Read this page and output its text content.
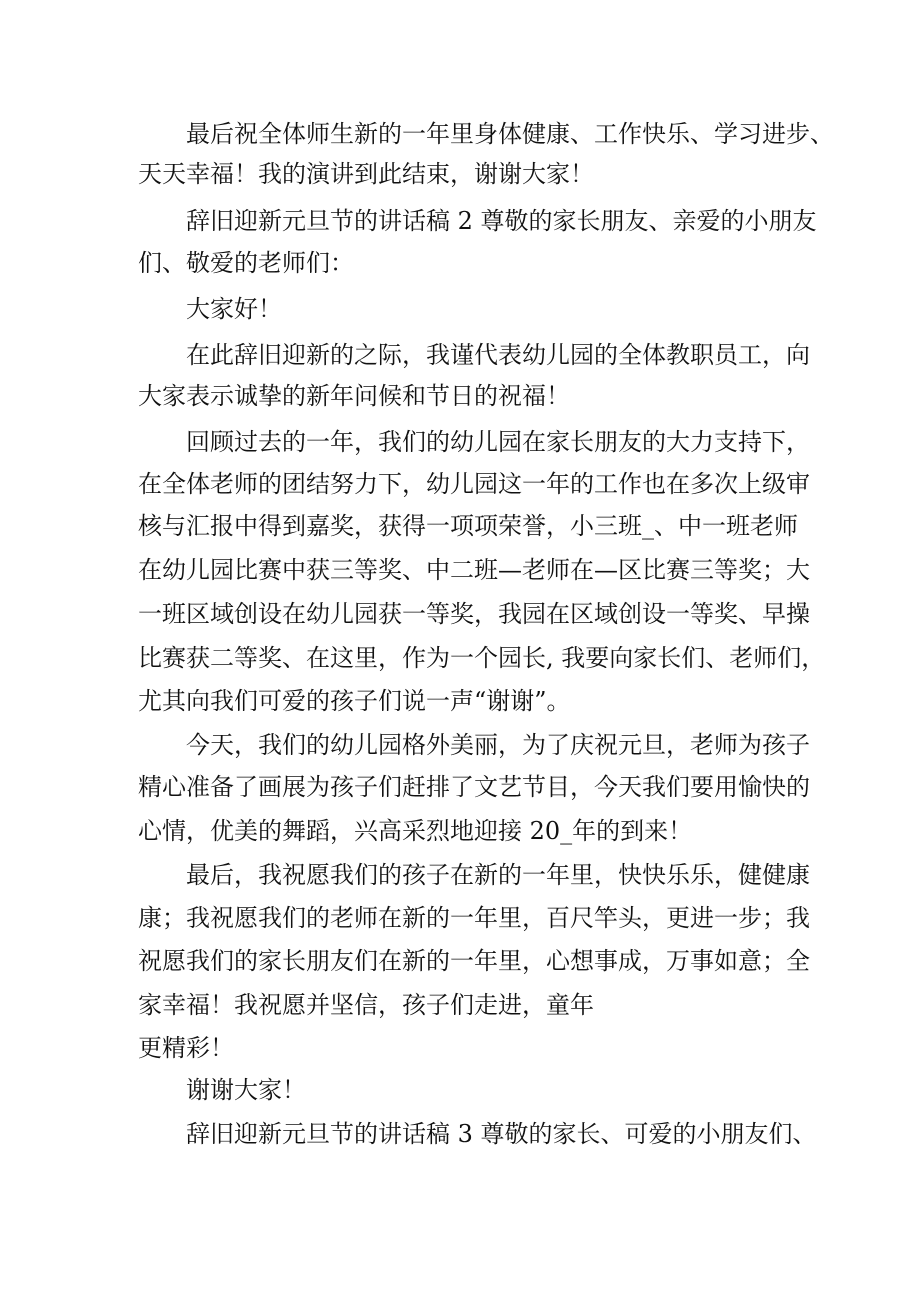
最后祝全体师生新的一年里身体健康、工作快乐、学习进步、

天天幸福！我的演讲到此结束，谢谢大家！

辞旧迎新元旦节的讲话稿 2 尊敬的家长朋友、亲爱的小朋友

们、敬爱的老师们：

大家好！

在此辞旧迎新的之际，我谨代表幼儿园的全体教职员工，向

大家表示诚挚的新年问候和节日的祝福！

回顾过去的一年，我们的幼儿园在家长朋友的大力支持下，

在全体老师的团结努力下，幼儿园这一年的工作也在多次上级审

核与汇报中得到嘉奖，获得一项项荣誉，小三班_、中一班老师

在幼儿园比赛中获三等奖、中二班—老师在—区比赛三等奖；大

一班区域创设在幼儿园获一等奖，我园在区域创设一等奖、早操

比赛获二等奖、在这里，作为一个园长, 我要向家长们、老师们，

尤其向我们可爱的孩子们说一声“谢谢”。

今天，我们的幼儿园格外美丽，为了庆祝元旦，老师为孩子

精心准备了画展为孩子们赶排了文艺节目，今天我们要用愉快的

心情，优美的舞蹈，兴高采烈地迎接 20_年的到来！

最后，我祝愿我们的孩子在新的一年里，快快乐乐，健健康

康；我祝愿我们的老师在新的一年里，百尺竿头，更进一步；我

祝愿我们的家长朋友们在新的一年里，心想事成，万事如意；全

家幸福！我祝愿并坚信，孩子们走进，童年

更精彩！

谢谢大家！

辞旧迎新元旦节的讲话稿 3 尊敬的家长、可爱的小朋友们、
